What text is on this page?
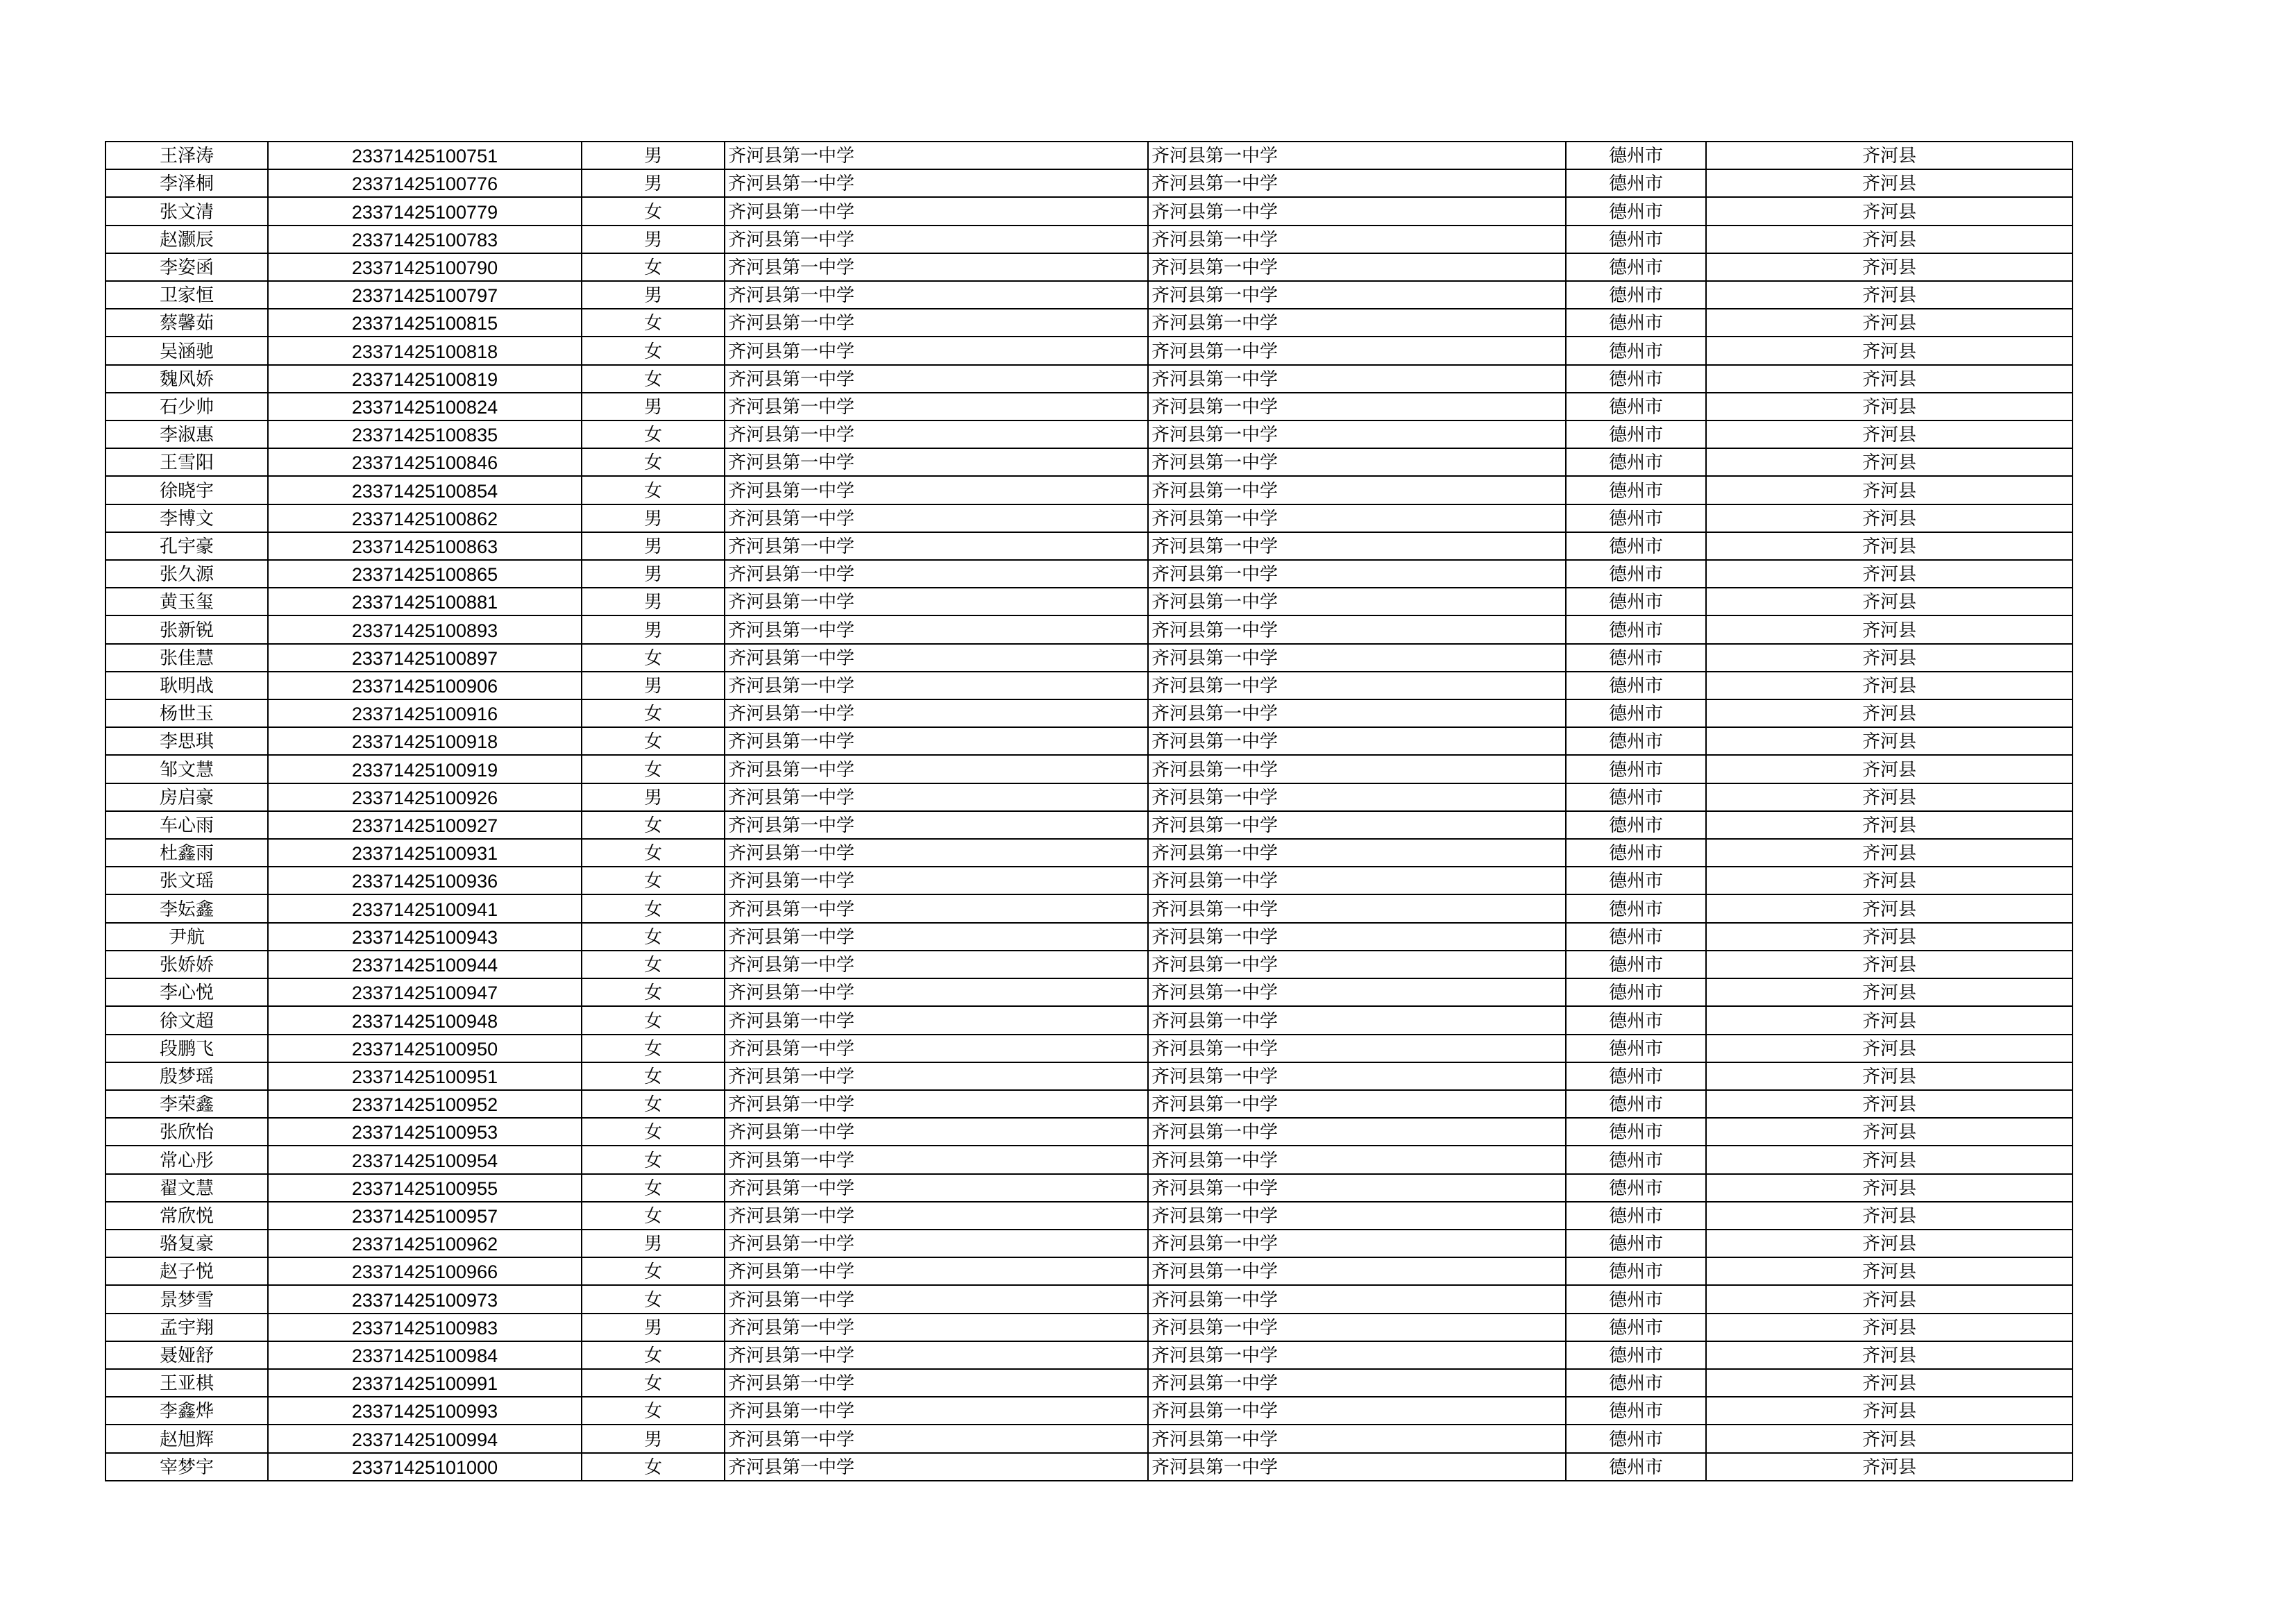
王泽涛	23371425100751	男	齐河县第一中学	齐河县第一中学	德州市	齐河县
李泽桐	23371425100776	男	齐河县第一中学	齐河县第一中学	德州市	齐河县
张文清	23371425100779	女	齐河县第一中学	齐河县第一中学	德州市	齐河县
赵灏辰	23371425100783	男	齐河县第一中学	齐河县第一中学	德州市	齐河县
李姿函	23371425100790	女	齐河县第一中学	齐河县第一中学	德州市	齐河县
卫家恒	23371425100797	男	齐河县第一中学	齐河县第一中学	德州市	齐河县
蔡馨茹	23371425100815	女	齐河县第一中学	齐河县第一中学	德州市	齐河县
吴涵驰	23371425100818	女	齐河县第一中学	齐河县第一中学	德州市	齐河县
魏风娇	23371425100819	女	齐河县第一中学	齐河县第一中学	德州市	齐河县
石少帅	23371425100824	男	齐河县第一中学	齐河县第一中学	德州市	齐河县
李淑惠	23371425100835	女	齐河县第一中学	齐河县第一中学	德州市	齐河县
王雪阳	23371425100846	女	齐河县第一中学	齐河县第一中学	德州市	齐河县
徐晓宇	23371425100854	女	齐河县第一中学	齐河县第一中学	德州市	齐河县
李博文	23371425100862	男	齐河县第一中学	齐河县第一中学	德州市	齐河县
孔宇豪	23371425100863	男	齐河县第一中学	齐河县第一中学	德州市	齐河县
张久源	23371425100865	男	齐河县第一中学	齐河县第一中学	德州市	齐河县
黄玉玺	23371425100881	男	齐河县第一中学	齐河县第一中学	德州市	齐河县
张新锐	23371425100893	男	齐河县第一中学	齐河县第一中学	德州市	齐河县
张佳慧	23371425100897	女	齐河县第一中学	齐河县第一中学	德州市	齐河县
耿明战	23371425100906	男	齐河县第一中学	齐河县第一中学	德州市	齐河县
杨世玉	23371425100916	女	齐河县第一中学	齐河县第一中学	德州市	齐河县
李思琪	23371425100918	女	齐河县第一中学	齐河县第一中学	德州市	齐河县
邹文慧	23371425100919	女	齐河县第一中学	齐河县第一中学	德州市	齐河县
房启豪	23371425100926	男	齐河县第一中学	齐河县第一中学	德州市	齐河县
车心雨	23371425100927	女	齐河县第一中学	齐河县第一中学	德州市	齐河县
杜鑫雨	23371425100931	女	齐河县第一中学	齐河县第一中学	德州市	齐河县
张文瑶	23371425100936	女	齐河县第一中学	齐河县第一中学	德州市	齐河县
李妘鑫	23371425100941	女	齐河县第一中学	齐河县第一中学	德州市	齐河县
尹航	23371425100943	女	齐河县第一中学	齐河县第一中学	德州市	齐河县
张娇娇	23371425100944	女	齐河县第一中学	齐河县第一中学	德州市	齐河县
李心悦	23371425100947	女	齐河县第一中学	齐河县第一中学	德州市	齐河县
徐文超	23371425100948	女	齐河县第一中学	齐河县第一中学	德州市	齐河县
段鹏飞	23371425100950	女	齐河县第一中学	齐河县第一中学	德州市	齐河县
殷梦瑶	23371425100951	女	齐河县第一中学	齐河县第一中学	德州市	齐河县
李荣鑫	23371425100952	女	齐河县第一中学	齐河县第一中学	德州市	齐河县
张欣怡	23371425100953	女	齐河县第一中学	齐河县第一中学	德州市	齐河县
常心彤	23371425100954	女	齐河县第一中学	齐河县第一中学	德州市	齐河县
翟文慧	23371425100955	女	齐河县第一中学	齐河县第一中学	德州市	齐河县
常欣悦	23371425100957	女	齐河县第一中学	齐河县第一中学	德州市	齐河县
骆复豪	23371425100962	男	齐河县第一中学	齐河县第一中学	德州市	齐河县
赵子悦	23371425100966	女	齐河县第一中学	齐河县第一中学	德州市	齐河县
景梦雪	23371425100973	女	齐河县第一中学	齐河县第一中学	德州市	齐河县
孟宇翔	23371425100983	男	齐河县第一中学	齐河县第一中学	德州市	齐河县
聂娅舒	23371425100984	女	齐河县第一中学	齐河县第一中学	德州市	齐河县
王亚棋	23371425100991	女	齐河县第一中学	齐河县第一中学	德州市	齐河县
李鑫烨	23371425100993	女	齐河县第一中学	齐河县第一中学	德州市	齐河县
赵旭辉	23371425100994	男	齐河县第一中学	齐河县第一中学	德州市	齐河县
宰梦宇	23371425101000	女	齐河县第一中学	齐河县第一中学	德州市	齐河县
